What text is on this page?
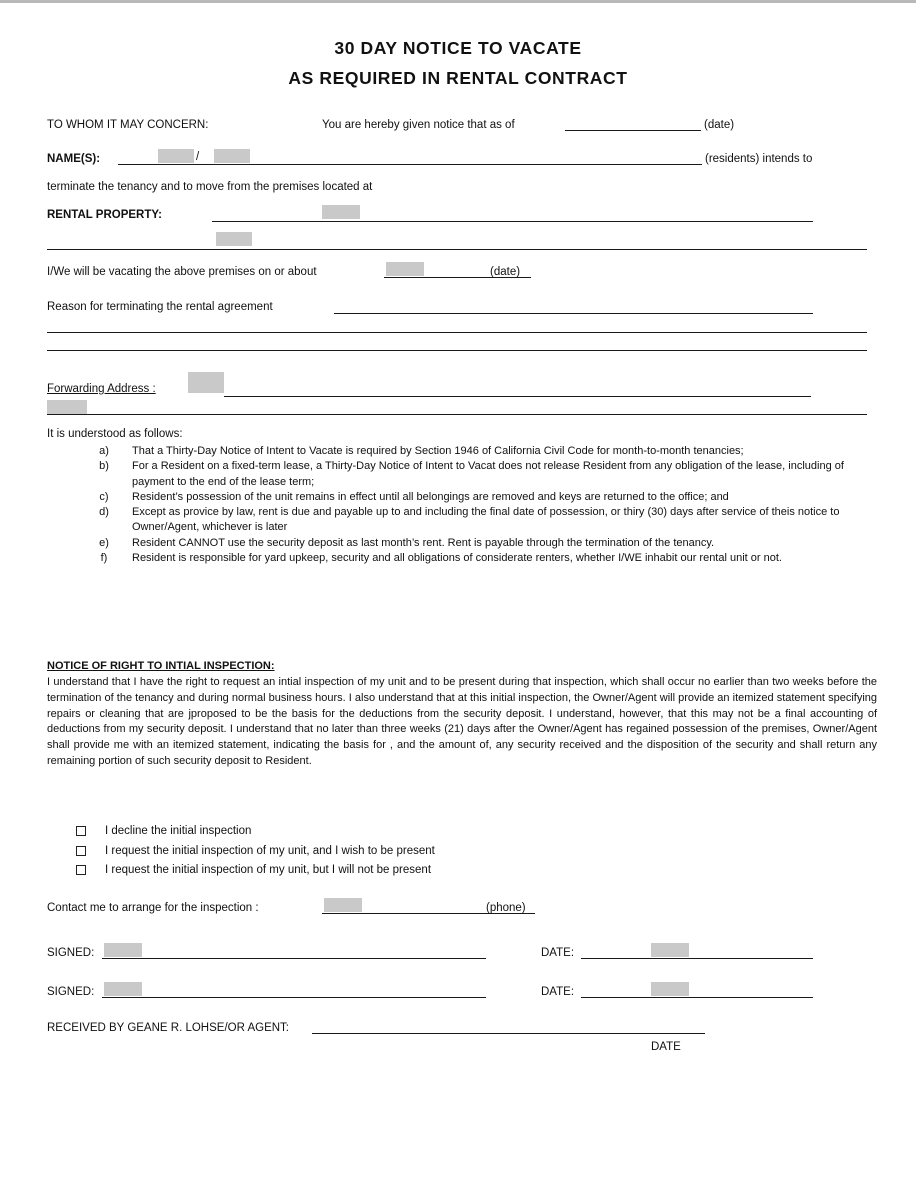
30 DAY NOTICE TO VACATE
AS REQUIRED IN RENTAL CONTRACT
TO WHOM IT MAY CONCERN:	You are hereby given notice that as of	(date)
NAME(S):	/	(residents) intends to
terminate the tenancy and to move from the premises located at
RENTAL PROPERTY:
I/We will be vacating the above premises on or about	(date)
Reason for terminating the rental agreement
Forwarding Address :
It is understood as follows:
a)	That a Thirty-Day Notice of Intent to Vacate is required by Section 1946 of California Civil Code for month-to-month tenancies;
b)	For a Resident on a fixed-term lease, a Thirty-Day Notice of Intent to Vacat does not release Resident from any obligation of the lease, including of payment to the end of the lease term;
c)	Resident’s possession of the unit remains in effect until all belongings are removed and keys are returned to the office; and
d)	Except as provice by law, rent is due and payable up to and including the final date of possession, or thiry (30) days after service of theis notice to Owner/Agent, whichever is later
e)	Resident CANNOT use the security deposit as last month’s rent. Rent is payable through the termination of the tenancy.
f)	Resident is responsible for yard upkeep, security and all obligations of considerate renters, whether I/WE inhabit our rental unit or not.
NOTICE OF RIGHT TO INTIAL INSPECTION:
I understand that I have the right to request an intial inspection of my unit and to be present during that inspection, which shall occur no earlier than two weeks before the termination of the tenancy and during normal business hours. I also understand that at this initial inspection, the Owner/Agent will provide an itemized statement specifying repairs or cleaning that are jproposed to be the basis for the deductions from the security deposit. I understand, however, that this may not be a final accounting of deductions from my security deposit. I understand that no later than three weeks (21) days after the Owner/Agent has regained possession of the premises, Owner/Agent shall provide me with an itemized statement, indicating the basis for , and the amount of, any security received and the disposition of the security and shall return any remaining portion of such security deposit to Resident.
I decline the initial inspection
I request the initial inspection of my unit, and I wish to be present
I request the initial inspection of my unit, but I will not be present
Contact me to arrange for the inspection :	(phone)
SIGNED:	DATE:
SIGNED:	DATE:
RECEIVED BY GEANE R. LOHSE/OR AGENT:
DATE
